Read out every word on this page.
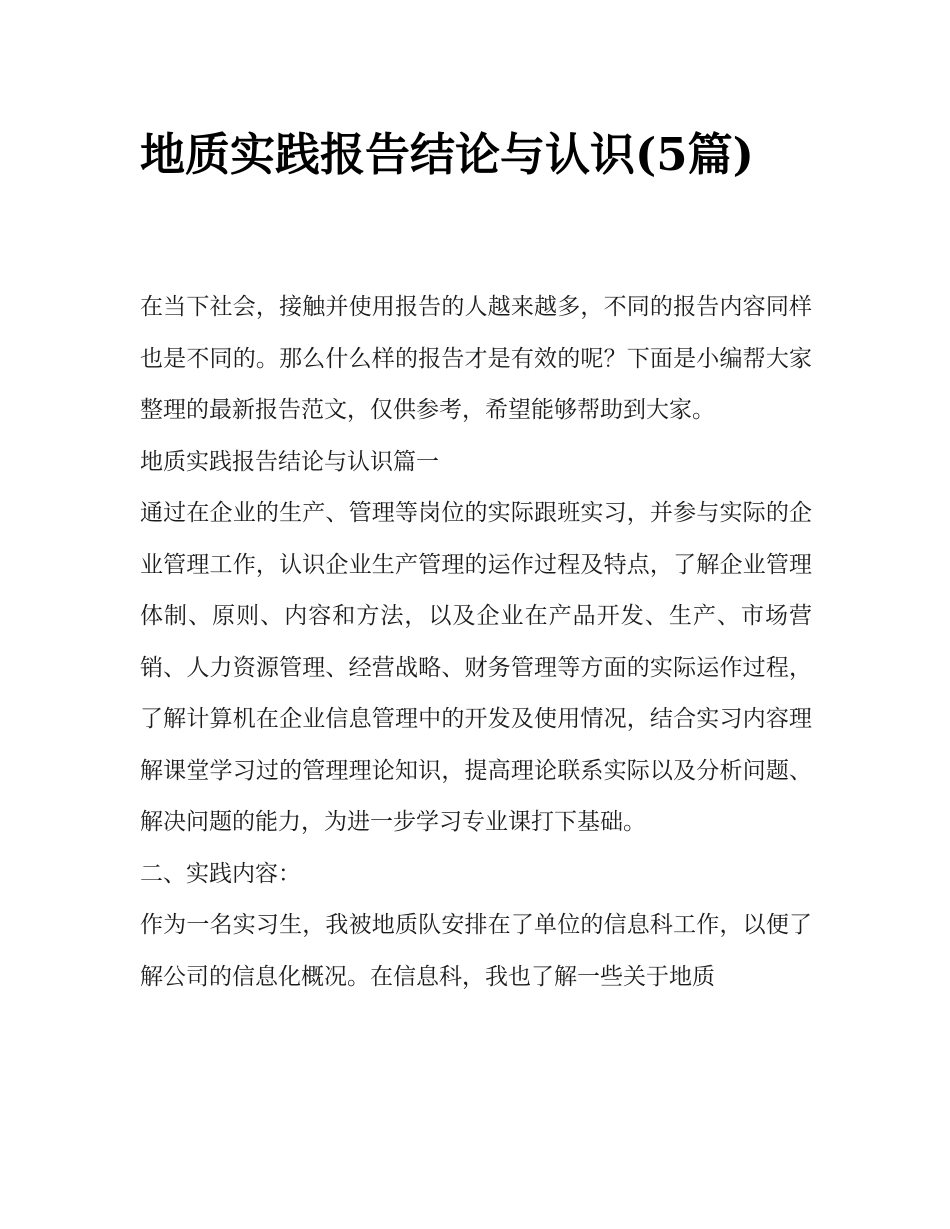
地质实践报告结论与认识(5篇)

在当下社会，接触并使用报告的人越来越多，不同的报告内容同样也是不同的。那么什么样的报告才是有效的呢？下面是小编帮大家整理的最新报告范文，仅供参考，希望能够帮助到大家。

地质实践报告结论与认识篇一

通过在企业的生产、管理等岗位的实际跟班实习，并参与实际的企业管理工作，认识企业生产管理的运作过程及特点，了解企业管理体制、原则、内容和方法，以及企业在产品开发、生产、市场营销、人力资源管理、经营战略、财务管理等方面的实际运作过程，了解计算机在企业信息管理中的开发及使用情况，结合实习内容理解课堂学习过的管理理论知识，提高理论联系实际以及分析问题、解决问题的能力，为进一步学习专业课打下基础。

二、实践内容：

作为一名实习生，我被地质队安排在了单位的信息科工作，以便了解公司的信息化概况。在信息科，我也了解一些关于地质
